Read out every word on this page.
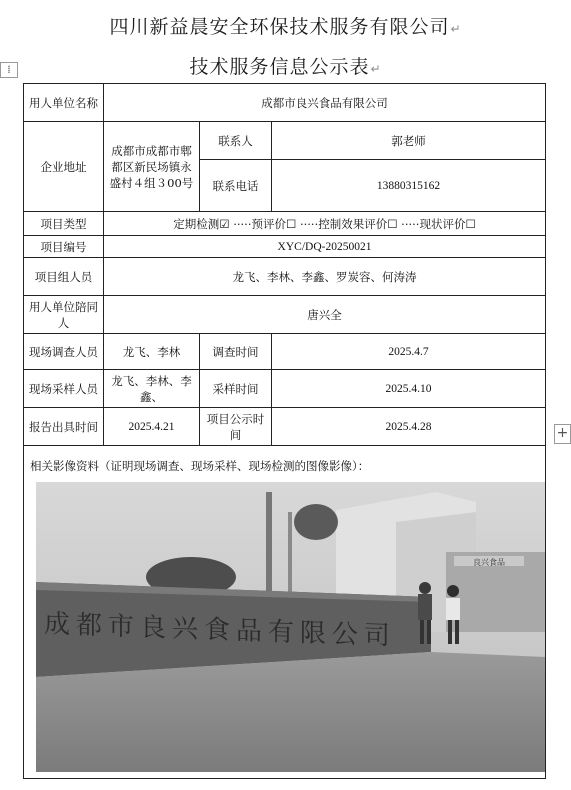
四川新益晨安全环保技术服务有限公司↵
技术服务信息公示表↵
⁞
+
用人单位名称	成都市良兴食品有限公司		
企业地址	成都市成都市郫都区新民场镇永盛村４组３00号	联系人	郭老师
		联系电话	13880315162
项目类型	定期检测☑ ·····预评价☐ ·····控制效果评价☐ ·····现状评价☐		
项目编号	XYC/DQ-20250021		
项目组人员	龙飞、李林、李鑫、罗炭容、何涛涛		
用人单位陪同人	唐兴全		
现场调查人员	龙飞、李林	调查时间	2025.4.7
现场采样人员	龙飞、李林、李鑫、	采样时间	2025.4.10
报告出具时间	2025.4.21	项目公示时间	2025.4.28

相关影像资料（证明现场调查、现场采样、现场检测的图像影像）：
良兴食品
成都市良兴食品有限公司			
